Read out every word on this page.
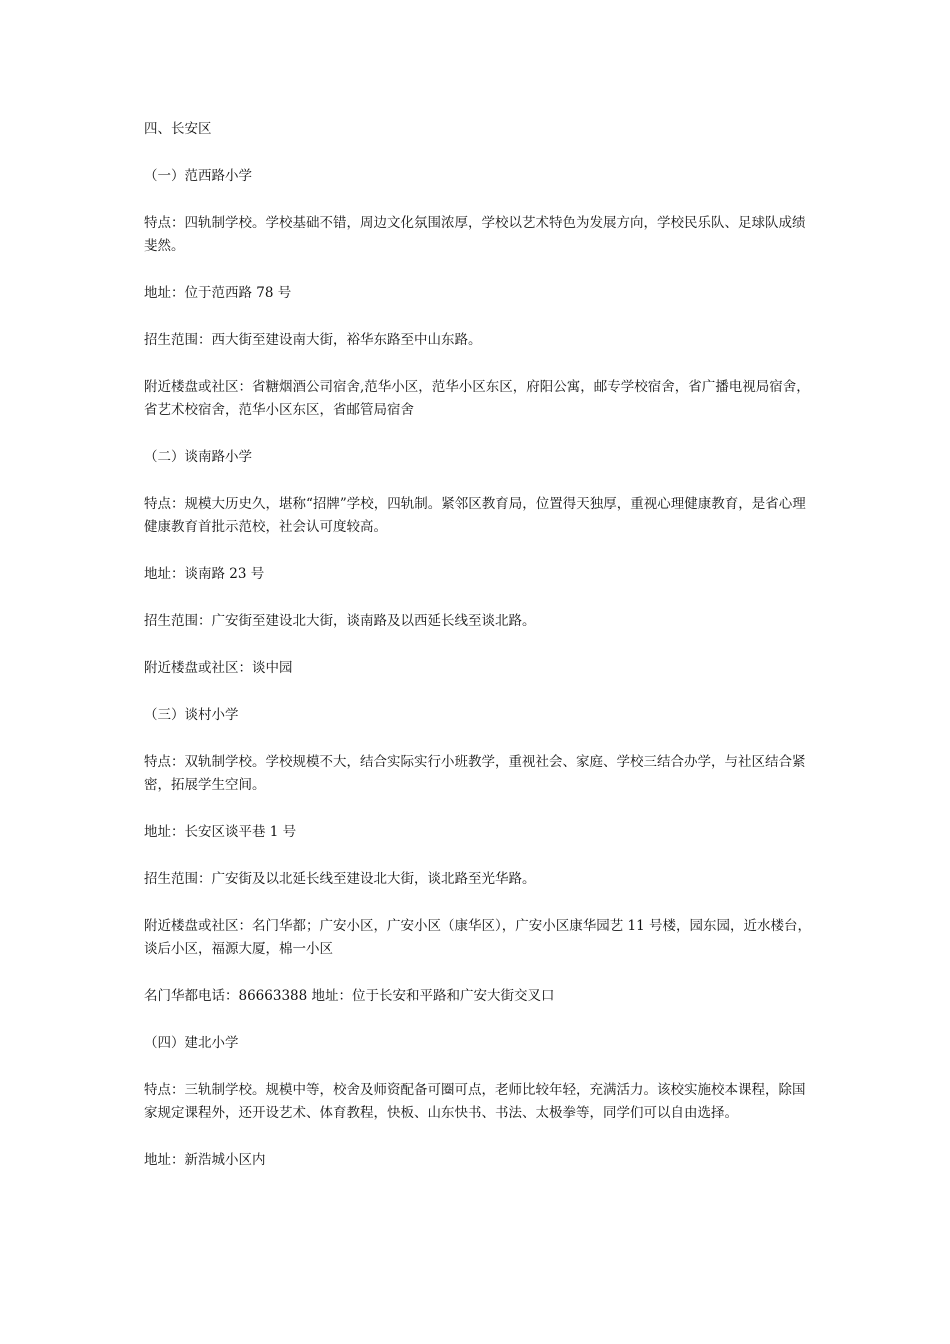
四、长安区

（一）范西路小学

特点：四轨制学校。学校基础不错，周边文化氛围浓厚，学校以艺术特色为发展方向，学校民乐队、足球队成绩斐然。

地址：位于范西路 78 号

招生范围：西大街至建设南大街，裕华东路至中山东路。

附近楼盘或社区：省糖烟酒公司宿舍,范华小区，范华小区东区，府阳公寓，邮专学校宿舍，省广播电视局宿舍，省艺术校宿舍，范华小区东区，省邮管局宿舍

（二）谈南路小学

特点：规模大历史久，堪称“招牌”学校，四轨制。紧邻区教育局，位置得天独厚，重视心理健康教育，是省心理健康教育首批示范校，社会认可度较高。

地址：谈南路 23 号

招生范围：广安街至建设北大街，谈南路及以西延长线至谈北路。

附近楼盘或社区：谈中园

（三）谈村小学

特点：双轨制学校。学校规模不大，结合实际实行小班教学，重视社会、家庭、学校三结合办学，与社区结合紧密，拓展学生空间。

地址：长安区谈平巷 1 号

招生范围：广安街及以北延长线至建设北大街，谈北路至光华路。

附近楼盘或社区：名门华都；广安小区，广安小区（康华区），广安小区康华园艺 11 号楼，园东园，近水楼台，谈后小区，福源大厦，棉一小区

名门华都电话：86663388 地址：位于长安和平路和广安大街交叉口

（四）建北小学

特点：三轨制学校。规模中等，校舍及师资配备可圈可点，老师比较年轻，充满活力。该校实施校本课程，除国家规定课程外，还开设艺术、体育教程，快板、山东快书、书法、太极拳等，同学们可以自由选择。

地址：新浩城小区内
